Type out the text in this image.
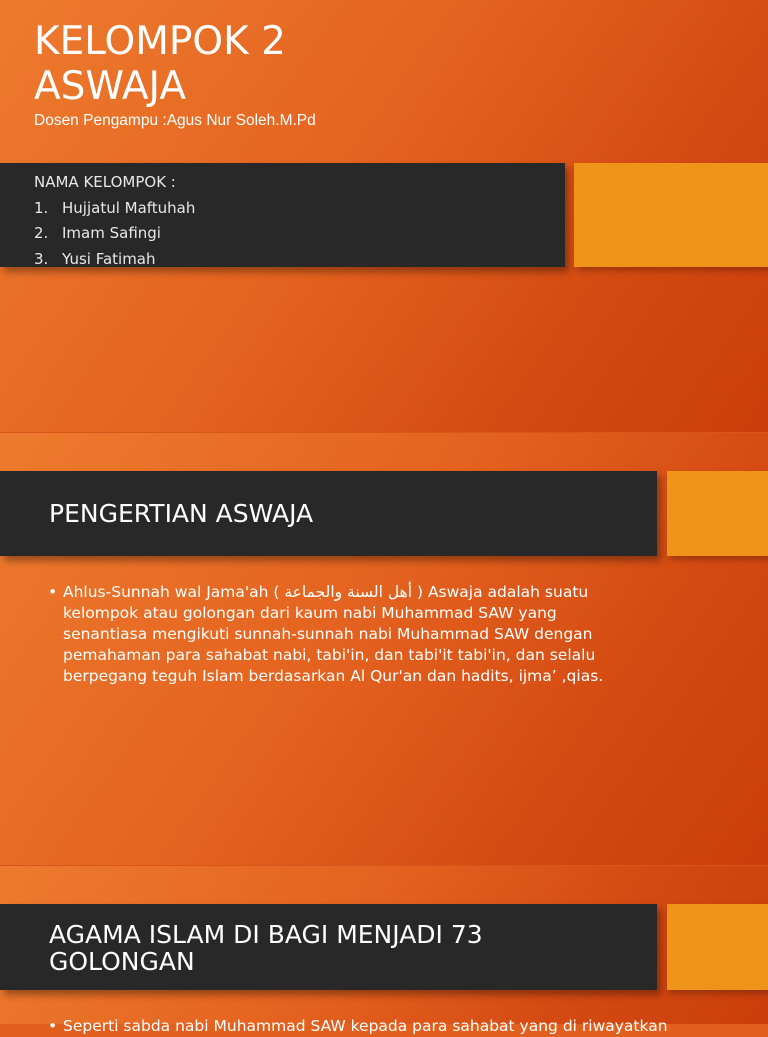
KELOMPOK 2
ASWAJA
Dosen Pengampu :Agus Nur Soleh.M.Pd
NAMA KELOMPOK :
1. Hujjatul Maftuhah
2. Imam Safingi
3. Yusi Fatimah
PENGERTIAN ASWAJA
• Ahlus-Sunnah wal Jama'ah ( أهل السنة والجماعة ) Aswaja adalah suatu kelompok atau golongan dari kaum nabi Muhammad SAW yang senantiasa mengikuti sunnah-sunnah nabi Muhammad SAW dengan pemahaman para sahabat nabi, tabi'in, dan tabi'it tabi'in, dan selalu berpegang teguh Islam berdasarkan Al Qur'an dan hadits, ijma’ ,qias.
AGAMA ISLAM DI BAGI MENJADI 73
GOLONGAN
• Seperti sabda nabi Muhammad SAW kepada para sahabat yang di riwayatkan
